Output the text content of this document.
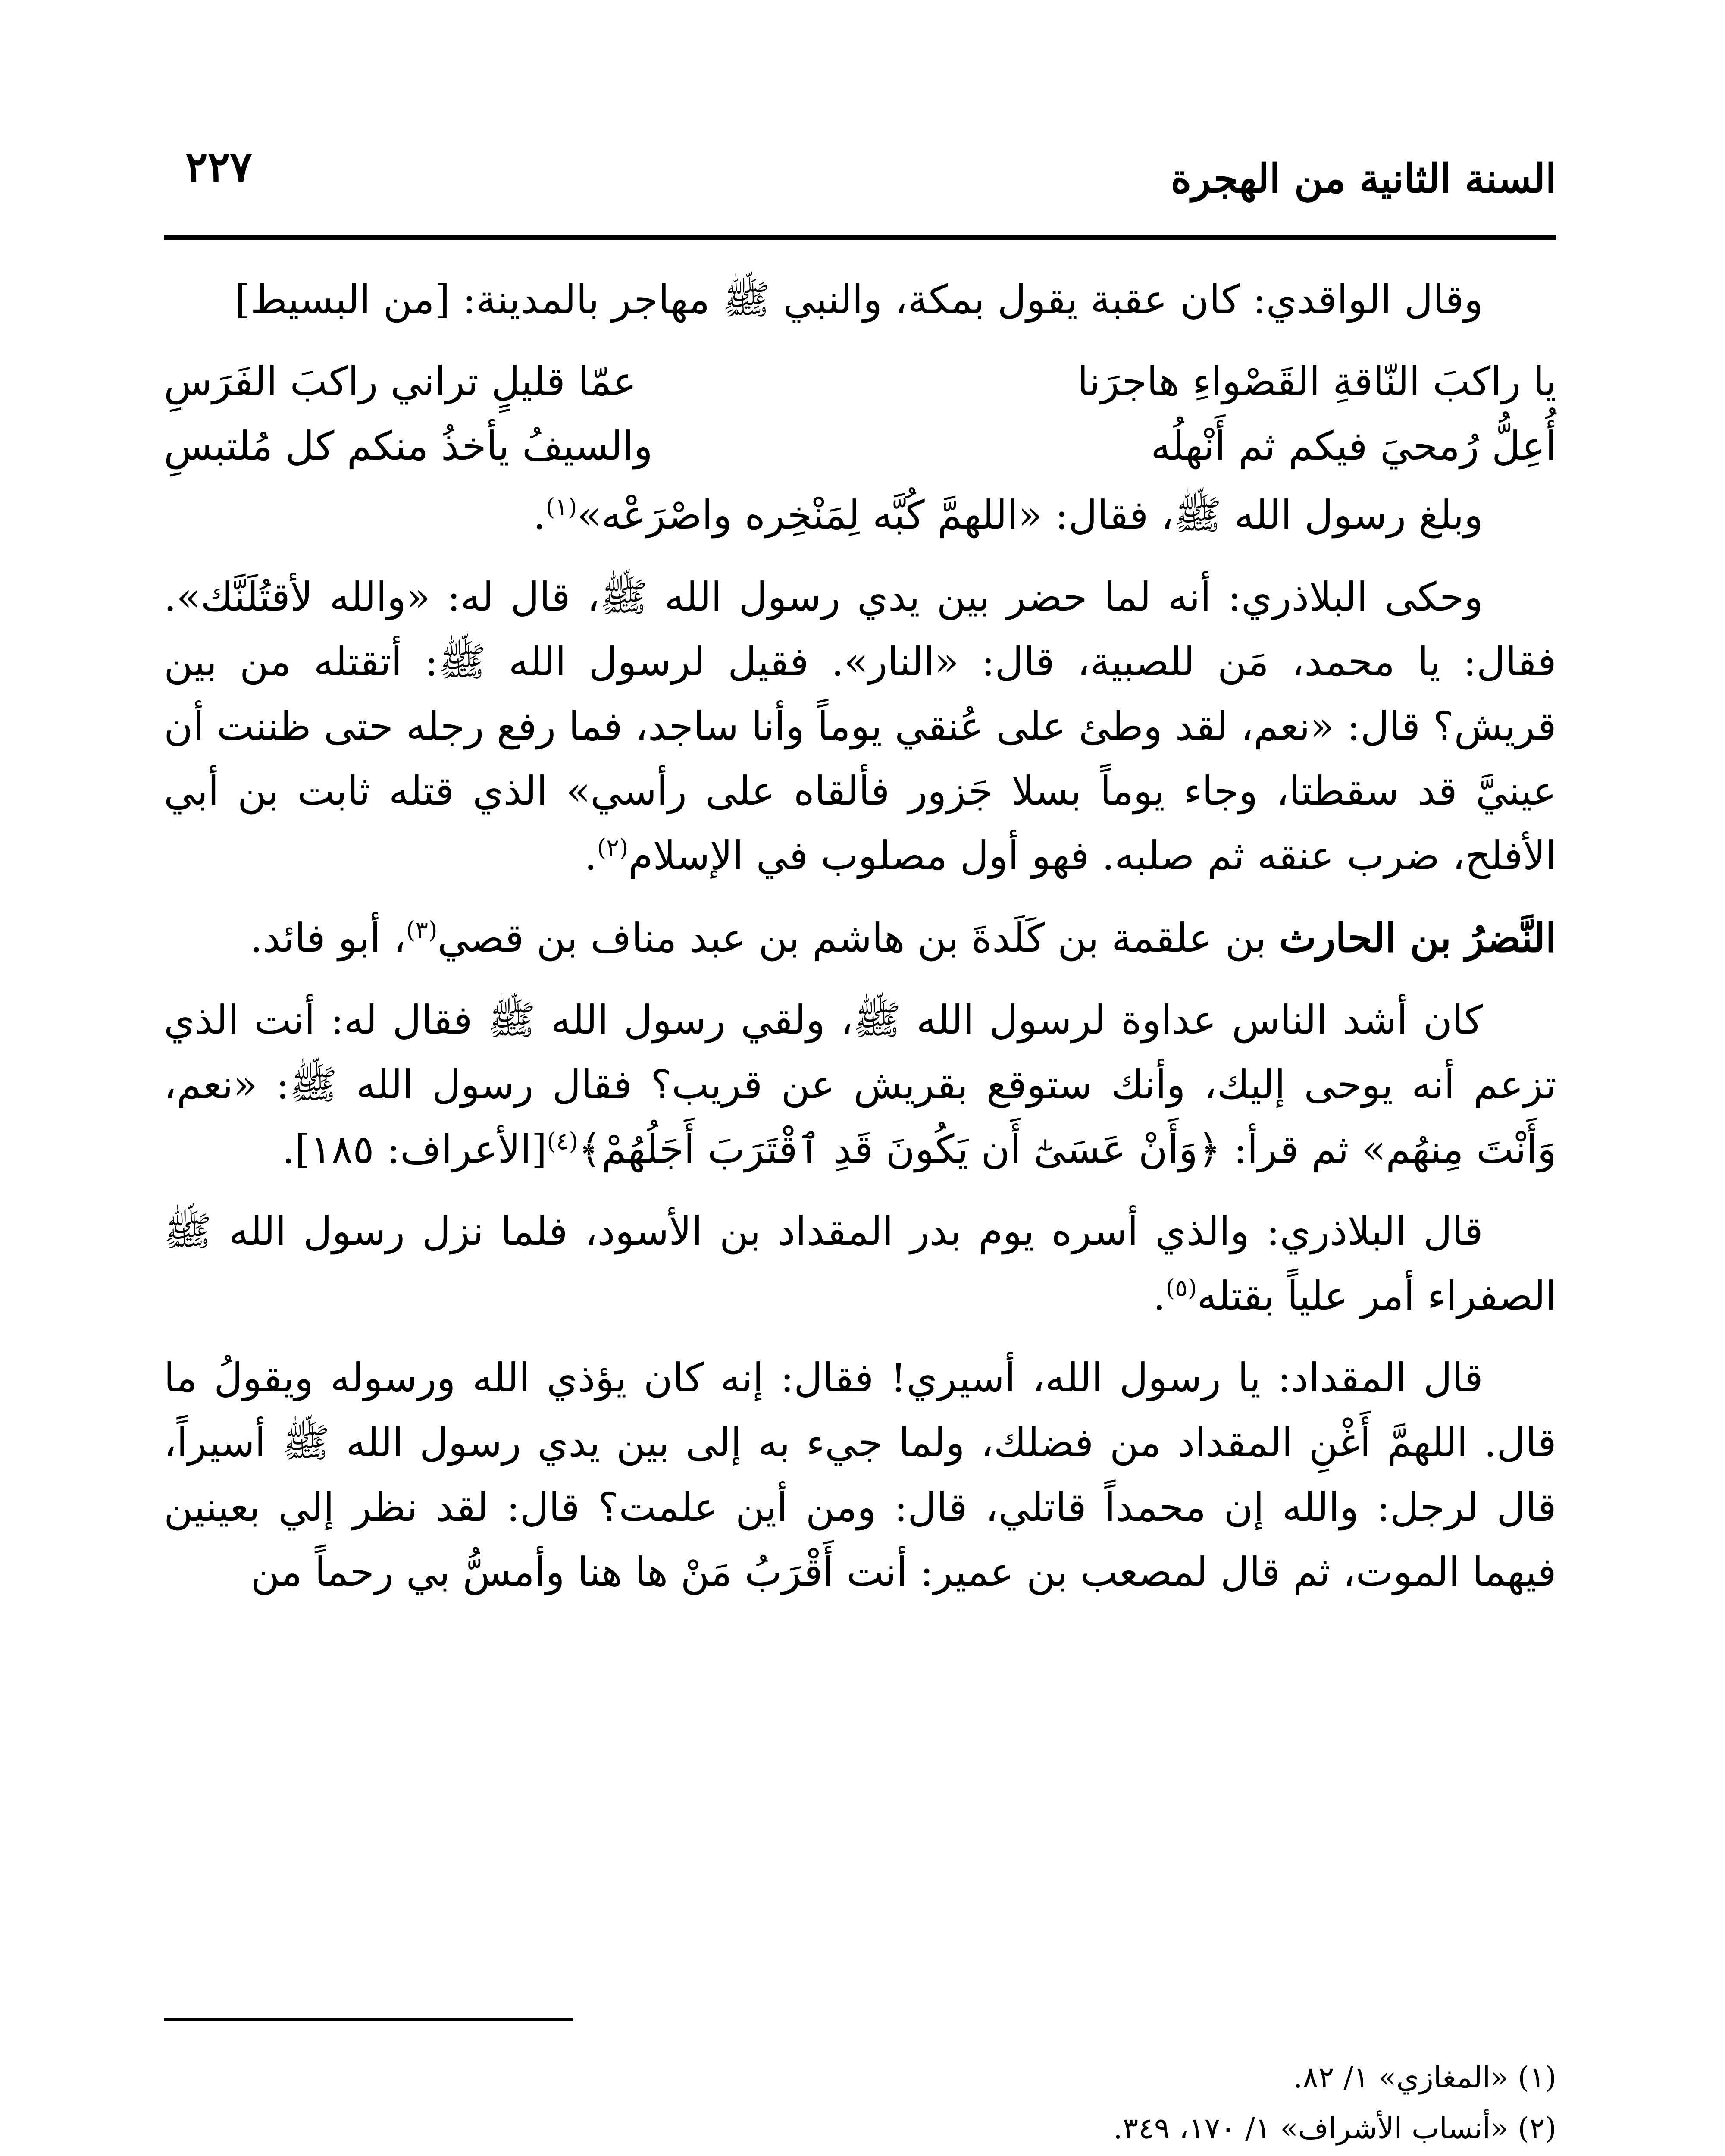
السنة الثانية من الهجرة
٢٢٧

وقال الواقدي: كان عقبة يقول بمكة، والنبي ﷺ مهاجر بالمدينة: [من البسيط]

يا راكبَ النّاقةِ القَصْواءِ هاجرَنا
عمّا قليلٍ تراني راكبَ الفَرَسِ
أُعِلُّ رُمحيَ فيكم ثم أَنْهلُه
والسيفُ يأخذُ منكم كل مُلتبسِ

وبلغ رسول الله ﷺ، فقال: «اللهمَّ كُبَّه لِمَنْخِره واصْرَعْه»$^{(١)}$.

وحكى البلاذري: أنه لما حضر بين يدي رسول الله ﷺ، قال له: «والله لأقتُلَنَّك». فقال: يا محمد، مَن للصبية، قال: «النار». فقيل لرسول الله ﷺ: أتقتله من بين قريش؟ قال: «نعم، لقد وطئ على عُنقي يوماً وأنا ساجد، فما رفع رجله حتى ظننت أن عينيَّ قد سقطتا، وجاء يوماً بسلا جَزور فألقاه على رأسي» الذي قتله ثابت بن أبي الأفلح، ضرب عنقه ثم صلبه. فهو أول مصلوب في الإسلام$^{(٢)}$.

النَّضرُ بن الحارث بن علقمة بن كَلَدةَ بن هاشم بن عبد مناف بن قصي$^{(٣)}$، أبو فائد.

كان أشد الناس عداوة لرسول الله ﷺ، ولقي رسول الله ﷺ فقال له: أنت الذي تزعم أنه يوحى إليك، وأنك ستوقع بقريش عن قريب؟ فقال رسول الله ﷺ: «نعم، وَأَنْتَ مِنهُم» ثم قرأ: ﴿وَأَنْ عَسَىٰٓ أَن يَكُونَ قَدِ ٱقْتَرَبَ أَجَلُهُمْ﴾$^{(٤)}$[الأعراف: ١٨٥].

قال البلاذري: والذي أسره يوم بدر المقداد بن الأسود، فلما نزل رسول الله ﷺ الصفراء أمر علياً بقتله$^{(٥)}$.

قال المقداد: يا رسول الله، أسيري! فقال: إنه كان يؤذي الله ورسوله ويقولُ ما قال. اللهمَّ أَغْنِ المقداد من فضلك، ولما جيء به إلى بين يدي رسول الله ﷺ أسيراً، قال لرجل: والله إن محمداً قاتلي، قال: ومن أين علمت؟ قال: لقد نظر إلي بعينين فيهما الموت، ثم قال لمصعب بن عمير: أنت أَقْرَبُ مَنْ ها هنا وأمسُّ بي رحماً من

(١) «المغازي» ١/ ٨٢.

(٢) «أنساب الأشراف» ١/ ١٧٠، ٣٤٩.
